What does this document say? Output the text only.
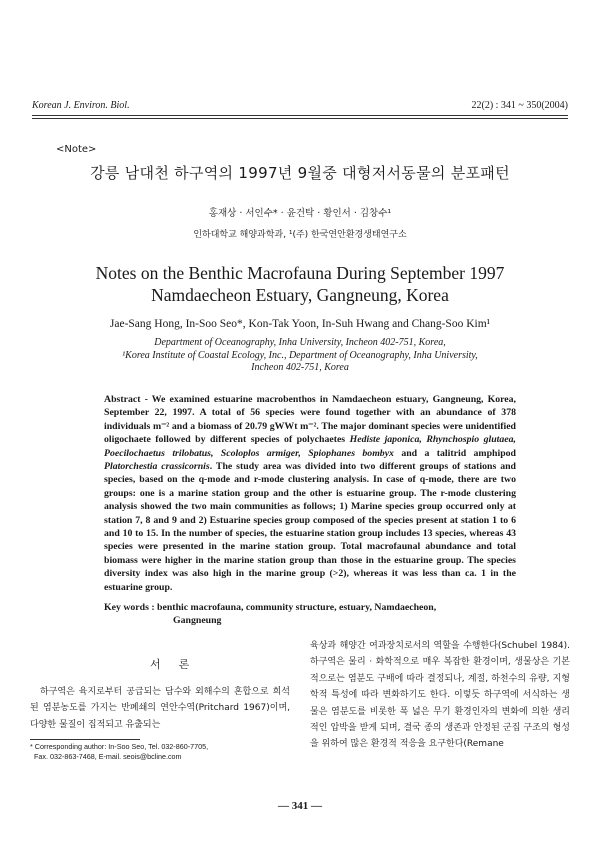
Korean J. Environ. Biol.	22(2) : 341 ~ 350(2004)
<Note>
강릉 남대천 하구역의 1997년 9월중 대형저서동물의 분포패턴
홍재상 · 서인수* · 윤건탁 · 황인서 · 김창수¹
인하대학교 해양과학과, ¹(주) 한국연안환경생태연구소
Notes on the Benthic Macrofauna During September 1997
Namdaecheon Estuary, Gangneung, Korea
Jae-Sang Hong, In-Soo Seo*, Kon-Tak Yoon, In-Suh Hwang and Chang-Soo Kim¹
Department of Oceanography, Inha University, Incheon 402-751, Korea,
¹Korea Institute of Coastal Ecology, Inc., Department of Oceanography, Inha University,
Incheon 402-751, Korea
Abstract - We examined estuarine macrobenthos in Namdaecheon estuary, Gangneung, Korea, September 22, 1997. A total of 56 species were found together with an abundance of 378 individuals m⁻² and a biomass of 20.79 gWWt m⁻². The major dominant species were unidentified oligochaete followed by different species of polychaetes Hediste japonica, Rhynchospio glutaea, Poecilochaetus trilobatus, Scoloplos armiger, Spiophanes bombyx and a talitrid amphipod Platorchestia crassicornis. The study area was divided into two different groups of stations and species, based on the q-mode and r-mode clustering analysis. In case of q-mode, there are two groups: one is a marine station group and the other is estuarine group. The r-mode clustering analysis showed the two main communities as follows; 1) Marine species group occurred only at station 7, 8 and 9 and 2) Estuarine species group composed of the species present at station 1 to 6 and 10 to 15. In the number of species, the estuarine station group includes 13 species, whereas 43 species were presented in the marine station group. Total macrofaunal abundance and total biomass were higher in the marine station group than those in the estuarine group. The species diversity index was also high in the marine group (>2), whereas it was less than ca. 1 in the estuarine group.
Key words : benthic macrofauna, community structure, estuary, Namdaecheon,
Gangneung
서론
하구역은 육지로부터 공급되는 담수와 외해수의 혼합으로 희석된 염분농도를 가지는 반폐쇄의 연안수역(Pritchard 1967)이며, 다양한 물질이 집적되고 유출되는
육상과 해양간 여과장치로서의 역할을 수행한다(Schubel 1984). 하구역은 물리 · 화학적으로 매우 복잡한 환경이며, 생물상은 기본적으로는 염분도 구배에 따라 결정되나, 계절, 하천수의 유량, 지형학적 특성에 따라 변화하기도 한다. 이렇듯 하구역에 서식하는 생물은 염분도를 비롯한 폭 넓은 무기 환경인자의 변화에 의한 생리적인 압박을 받게 되며, 결국 종의 생존과 안정된 군집 구조의 형성을 위하여 많은 환경적 적응을 요구한다(Remane
* Corresponding author: In-Soo Seo, Tel. 032-860-7705,
Fax. 032-863-7468, E-mail. seois@bcline.com
— 341 —
